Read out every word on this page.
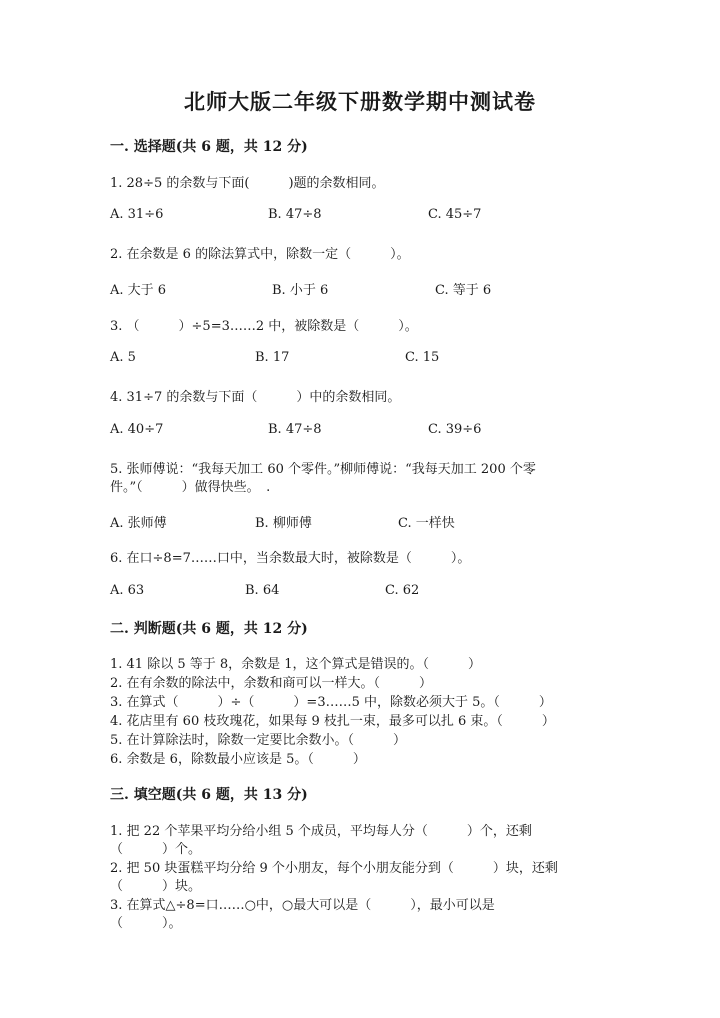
北师大版二年级下册数学期中测试卷
一. 选择题(共 6 题，共 12 分)
1. 28÷5 的余数与下面(　　　)题的余数相同。
A. 31÷6	B. 47÷8	C. 45÷7
2. 在余数是 6 的除法算式中，除数一定（　　　）。
A. 大于 6	B. 小于 6	C. 等于 6
3. （　　　）÷5=3……2 中，被除数是（　　　）。
A. 5	B. 17	C. 15
4. 31÷7 的余数与下面（　　　）中的余数相同。
A. 40÷7	B. 47÷8	C. 39÷6
5. 张师傅说：“我每天加工 60 个零件。”柳师傅说：“我每天加工 200 个零
件。”（　　　）做得快些。　.
A. 张师傅	B. 柳师傅	C. 一样快
6. 在口÷8=7……口中，当余数最大时，被除数是（　　　）。
A. 63	B. 64	C. 62
二. 判断题(共 6 题，共 12 分)
1. 41 除以 5 等于 8，余数是 1，这个算式是错误的。（　　　）
2. 在有余数的除法中，余数和商可以一样大。（　　　）
3. 在算式（　　　）÷（　　　）=3……5 中，除数必须大于 5。（　　　）
4. 花店里有 60 枝玫瑰花，如果每 9 枝扎一束，最多可以扎 6 束。（　　　）
5. 在计算除法时，除数一定要比余数小。（　　　）
6. 余数是 6，除数最小应该是 5。（　　　）
三. 填空题(共 6 题，共 13 分)
1. 把 22 个苹果平均分给小组 5 个成员，平均每人分（　　　）个，还剩
（　　　）个。
2. 把 50 块蛋糕平均分给 9 个小朋友，每个小朋友能分到（　　　）块，还剩
（　　　）块。
3. 在算式△÷8=口……○中，○最大可以是（　　　），最小可以是
（　　　）。
